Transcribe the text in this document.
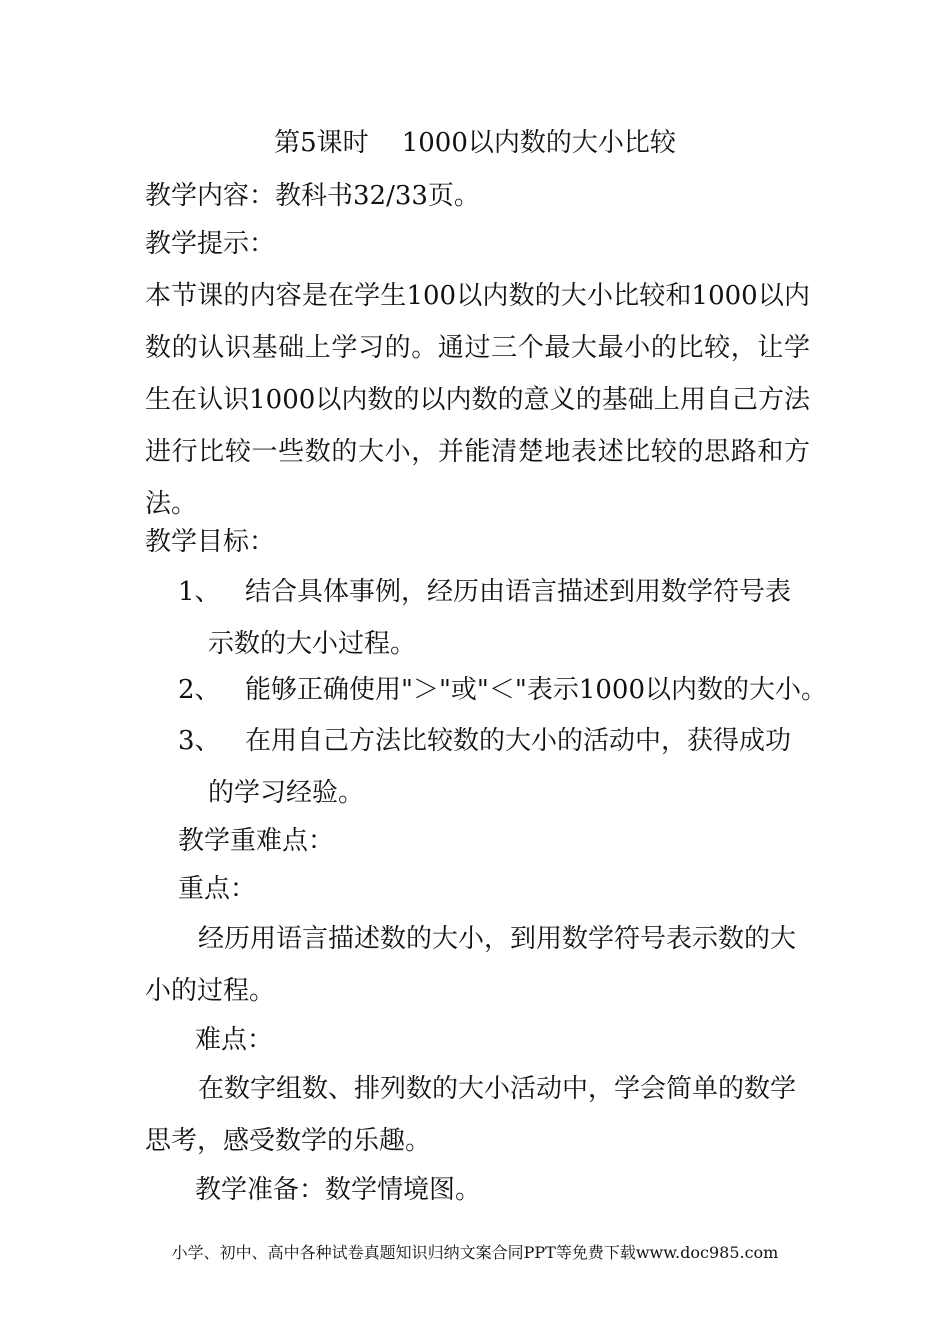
第5课时    1000以内数的大小比较
教学内容：教科书32/33页。
教学提示：
本节课的内容是在学生100以内数的大小比较和1000以内数的认识基础上学习的。通过三个最大最小的比较，让学生在认识1000以内数的以内数的意义的基础上用自己方法进行比较一些数的大小，并能清楚地表述比较的思路和方法。
教学目标：
1、 结合具体事例，经历由语言描述到用数学符号表示数的大小过程。
2、 能够正确使用"＞"或"＜"表示1000以内数的大小。
3、 在用自己方法比较数的大小的活动中，获得成功的学习经验。
教学重难点：
重点：
经历用语言描述数的大小，到用数学符号表示数的大小的过程。
难点：
在数字组数、排列数的大小活动中，学会简单的数学思考，感受数学的乐趣。
教学准备：数学情境图。
小学、初中、高中各种试卷真题知识归纳文案合同PPT等免费下载www.doc985.com
